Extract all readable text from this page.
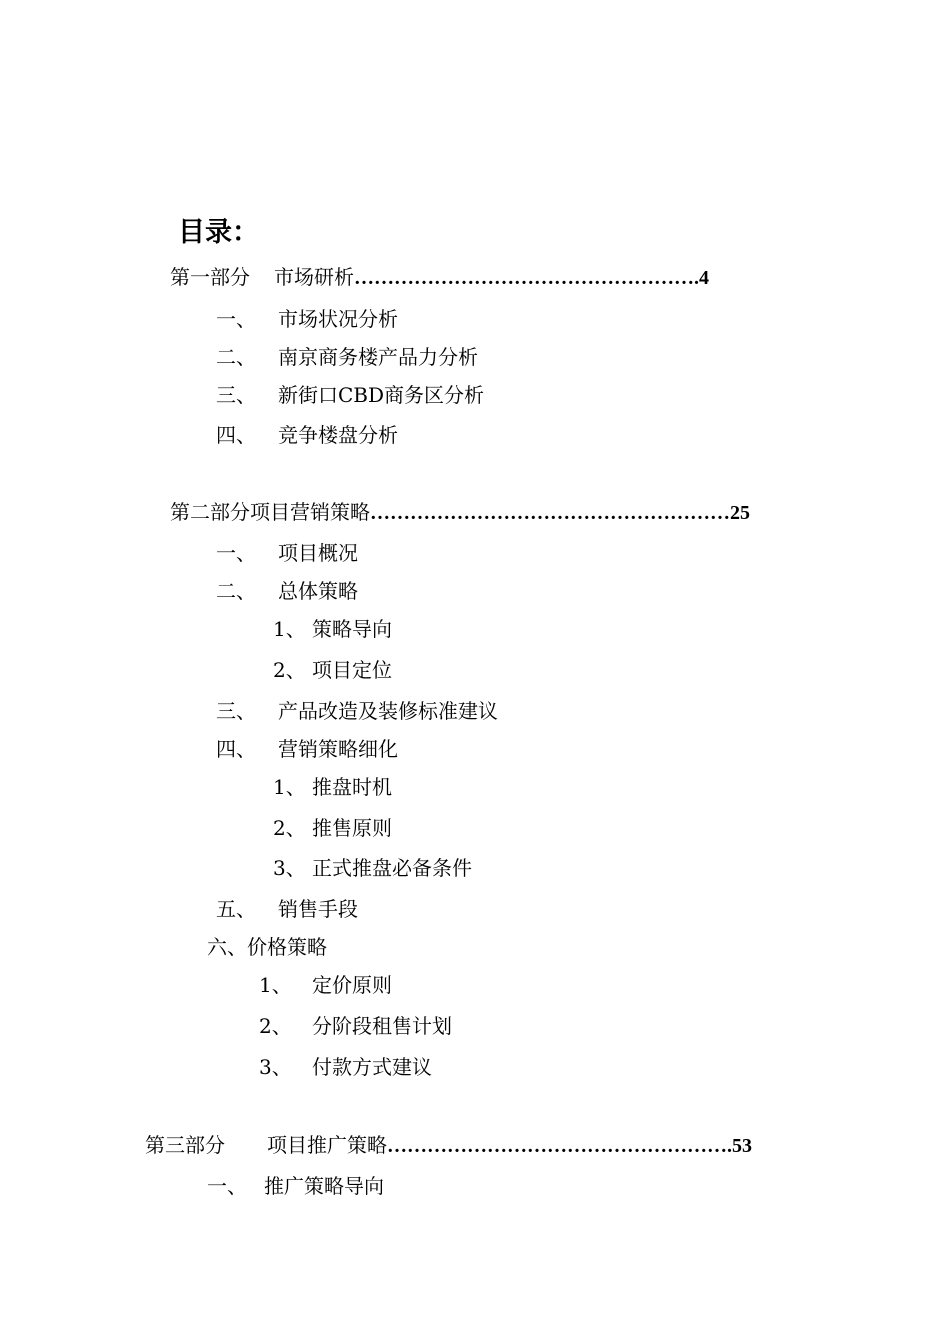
目录：
第一部分 市场研析…………………………………………….4
一、 市场状况分析
二、 南京商务楼产品力分析
三、 新街口CBD商务区分析
四、 竞争楼盘分析
第二部分项目营销策略………………………………………………25
一、 项目概况
二、 总体策略
1、 策略导向
2、 项目定位
三、 产品改造及装修标准建议
四、 营销策略细化
1、 推盘时机
2、 推售原则
3、 正式推盘必备条件
五、 销售手段
六、价格策略
1、 定价原则
2、 分阶段租售计划
3、 付款方式建议
第三部分 项目推广策略…………………………………………….53
一、 推广策略导向
